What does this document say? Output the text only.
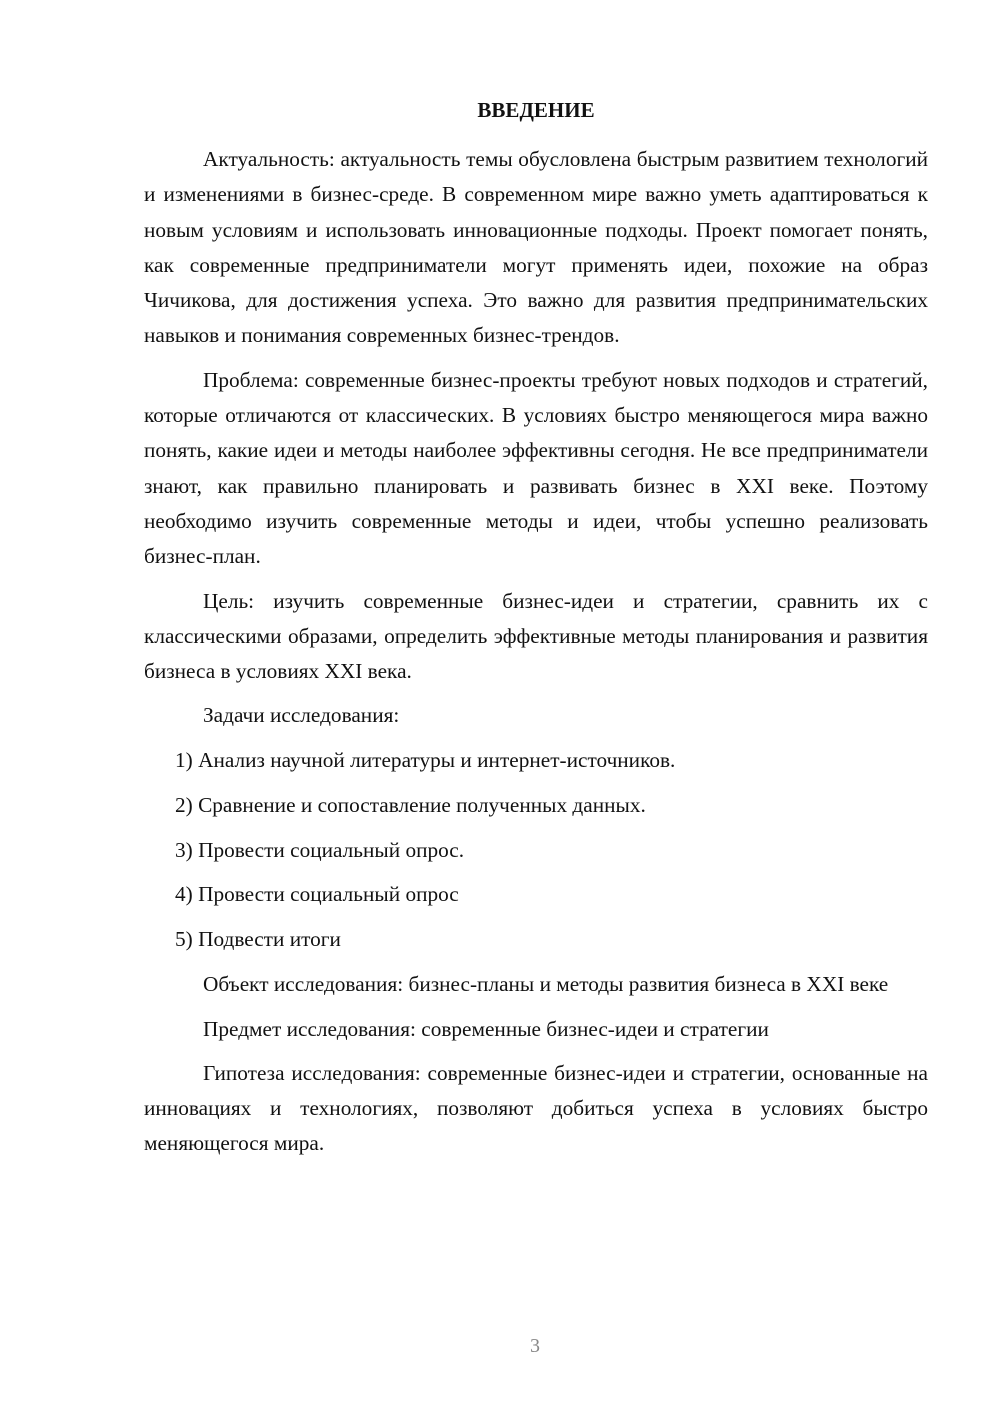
ВВЕДЕНИЕ

Актуальность: актуальность темы обусловлена быстрым развитием технологий и изменениями в бизнес-среде. В современном мире важно уметь адаптироваться к новым условиям и использовать инновационные подходы. Проект помогает понять, как современные предприниматели могут применять идеи, похожие на образ Чичикова, для достижения успеха. Это важно для развития предпринимательских навыков и понимания современных бизнес-трендов.

Проблема: современные бизнес-проекты требуют новых подходов и стратегий, которые отличаются от классических. В условиях быстро меняющегося мира важно понять, какие идеи и методы наиболее эффективны сегодня. Не все предприниматели знают, как правильно планировать и развивать бизнес в XXI веке. Поэтому необходимо изучить современные методы и идеи, чтобы успешно реализовать бизнес-план.

Цель: изучить современные бизнес-идеи и стратегии, сравнить их с классическими образами, определить эффективные методы планирования и развития бизнеса в условиях XXI века.

Задачи исследования:
1) Анализ научной литературы и интернет-источников.
2) Сравнение и сопоставление полученных данных.
3) Провести социальный опрос.
4) Провести социальный опрос
5) Подвести итоги

Объект исследования: бизнес-планы и методы развития бизнеса в XXI веке

Предмет исследования: современные бизнес-идеи и стратегии

Гипотеза исследования: современные бизнес-идеи и стратегии, основанные на инновациях и технологиях, позволяют добиться успеха в условиях быстро меняющегося мира.

3
